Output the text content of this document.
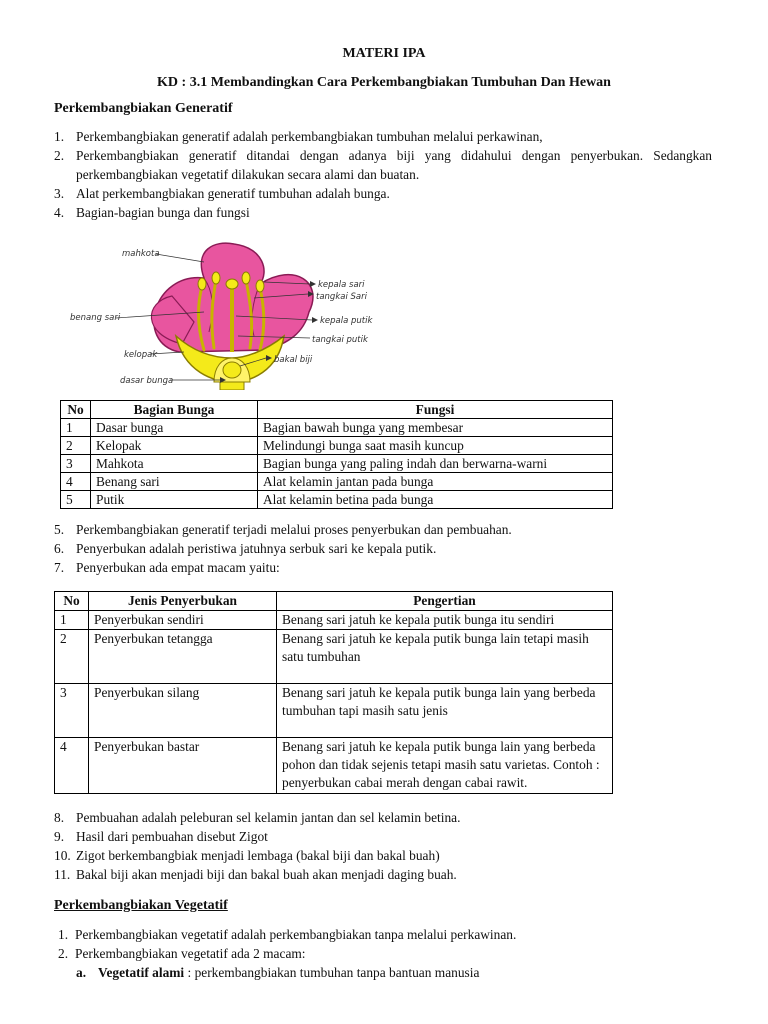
MATERI IPA
KD : 3.1 Membandingkan Cara Perkembangbiakan Tumbuhan Dan Hewan
Perkembangbiakan Generatif
1. Perkembangbiakan generatif adalah perkembangbiakan tumbuhan melalui perkawinan,
2. Perkembangbiakan generatif ditandai dengan adanya biji yang didahului dengan penyerbukan. Sedangkan perkembangbiakan vegetatif dilakukan secara alami dan buatan.
3. Alat perkembangbiakan generatif tumbuhan adalah bunga.
4. Bagian-bagian bunga dan fungsi
mahkota
kepala sari
tangkai Sari
benang sari	kepala putik
tangkai putik
kelopak	bakal biji
dasar bunga
No	Bagian Bunga	Fungsi
1	Dasar bunga	Bagian bawah bunga yang membesar
2	Kelopak	Melindungi bunga saat masih kuncup
3	Mahkota	Bagian bunga yang paling indah dan berwarna-warni
4	Benang sari	Alat kelamin jantan pada bunga
5	Putik	Alat kelamin betina pada bunga
5. Perkembangbiakan generatif terjadi melalui proses penyerbukan dan pembuahan.
6. Penyerbukan adalah peristiwa jatuhnya serbuk sari ke kepala putik.
7. Penyerbukan ada empat macam yaitu:
No	Jenis Penyerbukan	Pengertian
1	Penyerbukan sendiri	Benang sari jatuh ke kepala putik bunga itu sendiri
2	Penyerbukan tetangga	Benang sari jatuh ke kepala putik bunga lain tetapi masih satu tumbuhan
3	Penyerbukan silang	Benang sari jatuh ke kepala putik bunga lain yang berbeda tumbuhan tapi masih satu jenis
4	Penyerbukan bastar	Benang sari jatuh ke kepala putik bunga lain yang berbeda pohon dan tidak sejenis tetapi masih satu varietas. Contoh : penyerbukan cabai merah dengan cabai rawit.
8. Pembuahan adalah peleburan sel kelamin jantan dan sel kelamin betina.
9. Hasil dari pembuahan disebut Zigot
10. Zigot berkembangbiak menjadi lembaga (bakal biji dan bakal buah)
11. Bakal biji akan menjadi biji dan bakal buah akan menjadi daging buah.
Perkembangbiakan Vegetatif
1. Perkembangbiakan vegetatif adalah perkembangbiakan tanpa melalui perkawinan.
2. Perkembangbiakan vegetatif ada 2 macam:
a. Vegetatif alami : perkembangbiakan tumbuhan tanpa bantuan manusia
